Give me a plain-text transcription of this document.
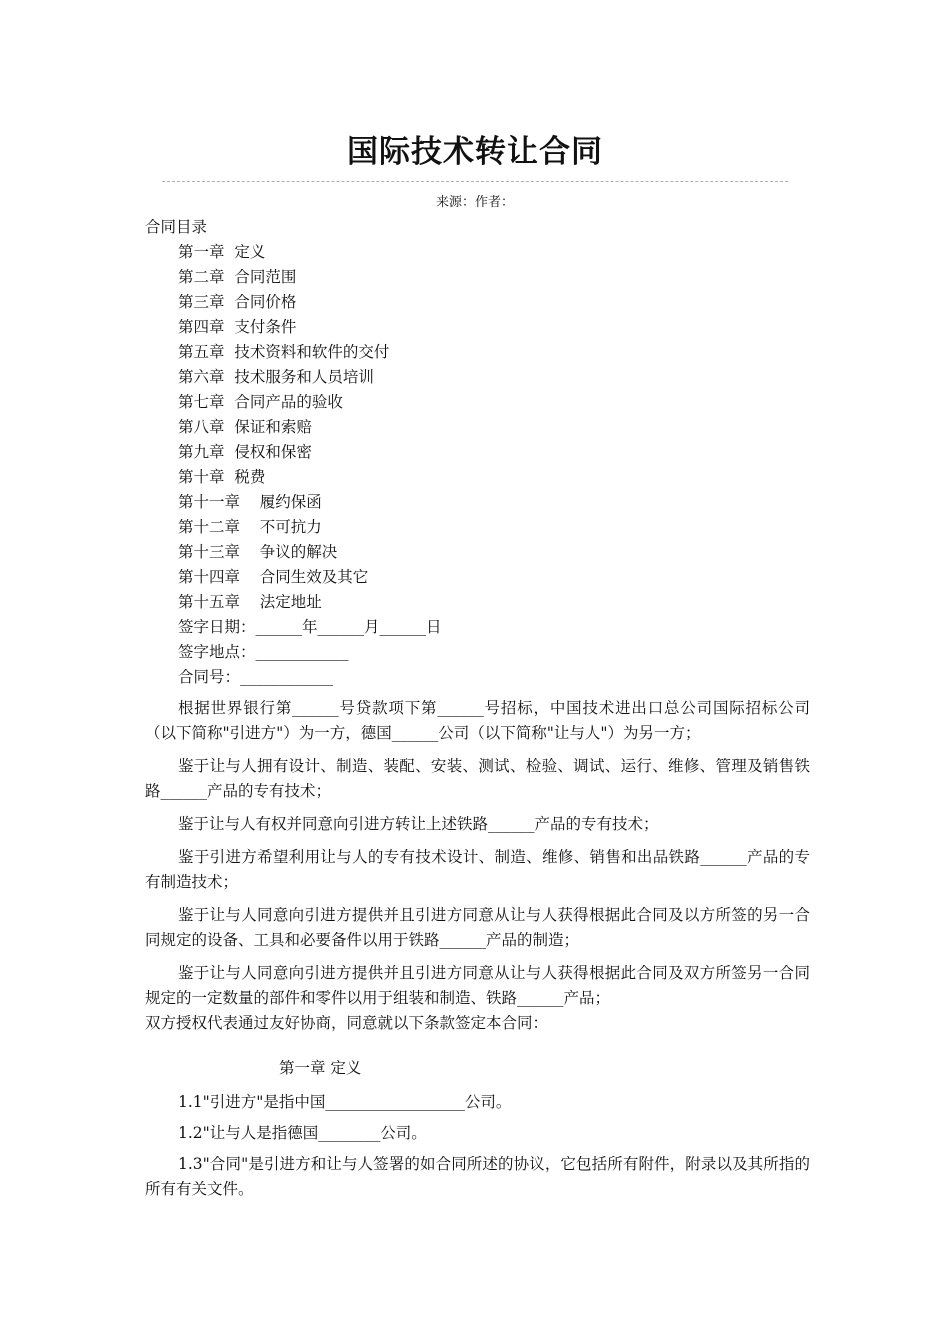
国际技术转让合同
来源：作者：
合同目录
第一章  定义
第二章  合同范围
第三章  合同价格
第四章  支付条件
第五章  技术资料和软件的交付
第六章  技术服务和人员培训
第七章  合同产品的验收
第八章  保证和索赔
第九章  侵权和保密
第十章  税费
第十一章    履约保函
第十二章    不可抗力
第十三章    争议的解决
第十四章    合同生效及其它
第十五章    法定地址
签字日期：______年______月______日
签字地点：____________
合同号：____________

根据世界银行第______号贷款项下第______号招标，中国技术进出口总公司国际招标公司（以下简称"引进方"）为一方，德国______公司（以下简称"让与人"）为另一方；

鉴于让与人拥有设计、制造、装配、安装、测试、检验、调试、运行、维修、管理及销售铁路______产品的专有技术；

鉴于让与人有权并同意向引进方转让上述铁路______产品的专有技术；

鉴于引进方希望利用让与人的专有技术设计、制造、维修、销售和出品铁路______产品的专有制造技术；

鉴于让与人同意向引进方提供并且引进方同意从让与人获得根据此合同及以方所签的另一合同规定的设备、工具和必要备件以用于铁路______产品的制造；

鉴于让与人同意向引进方提供并且引进方同意从让与人获得根据此合同及双方所签另一合同规定的一定数量的部件和零件以用于组装和制造、铁路______产品；

双方授权代表通过友好协商，同意就以下条款签定本合同：

第一章 定义

1.1"引进方"是指中国__________________公司。

1.2"让与人是指德国________公司。

1.3"合同"是引进方和让与人签署的如合同所述的协议，它包括所有附件，附录以及其所指的所有有关文件。
